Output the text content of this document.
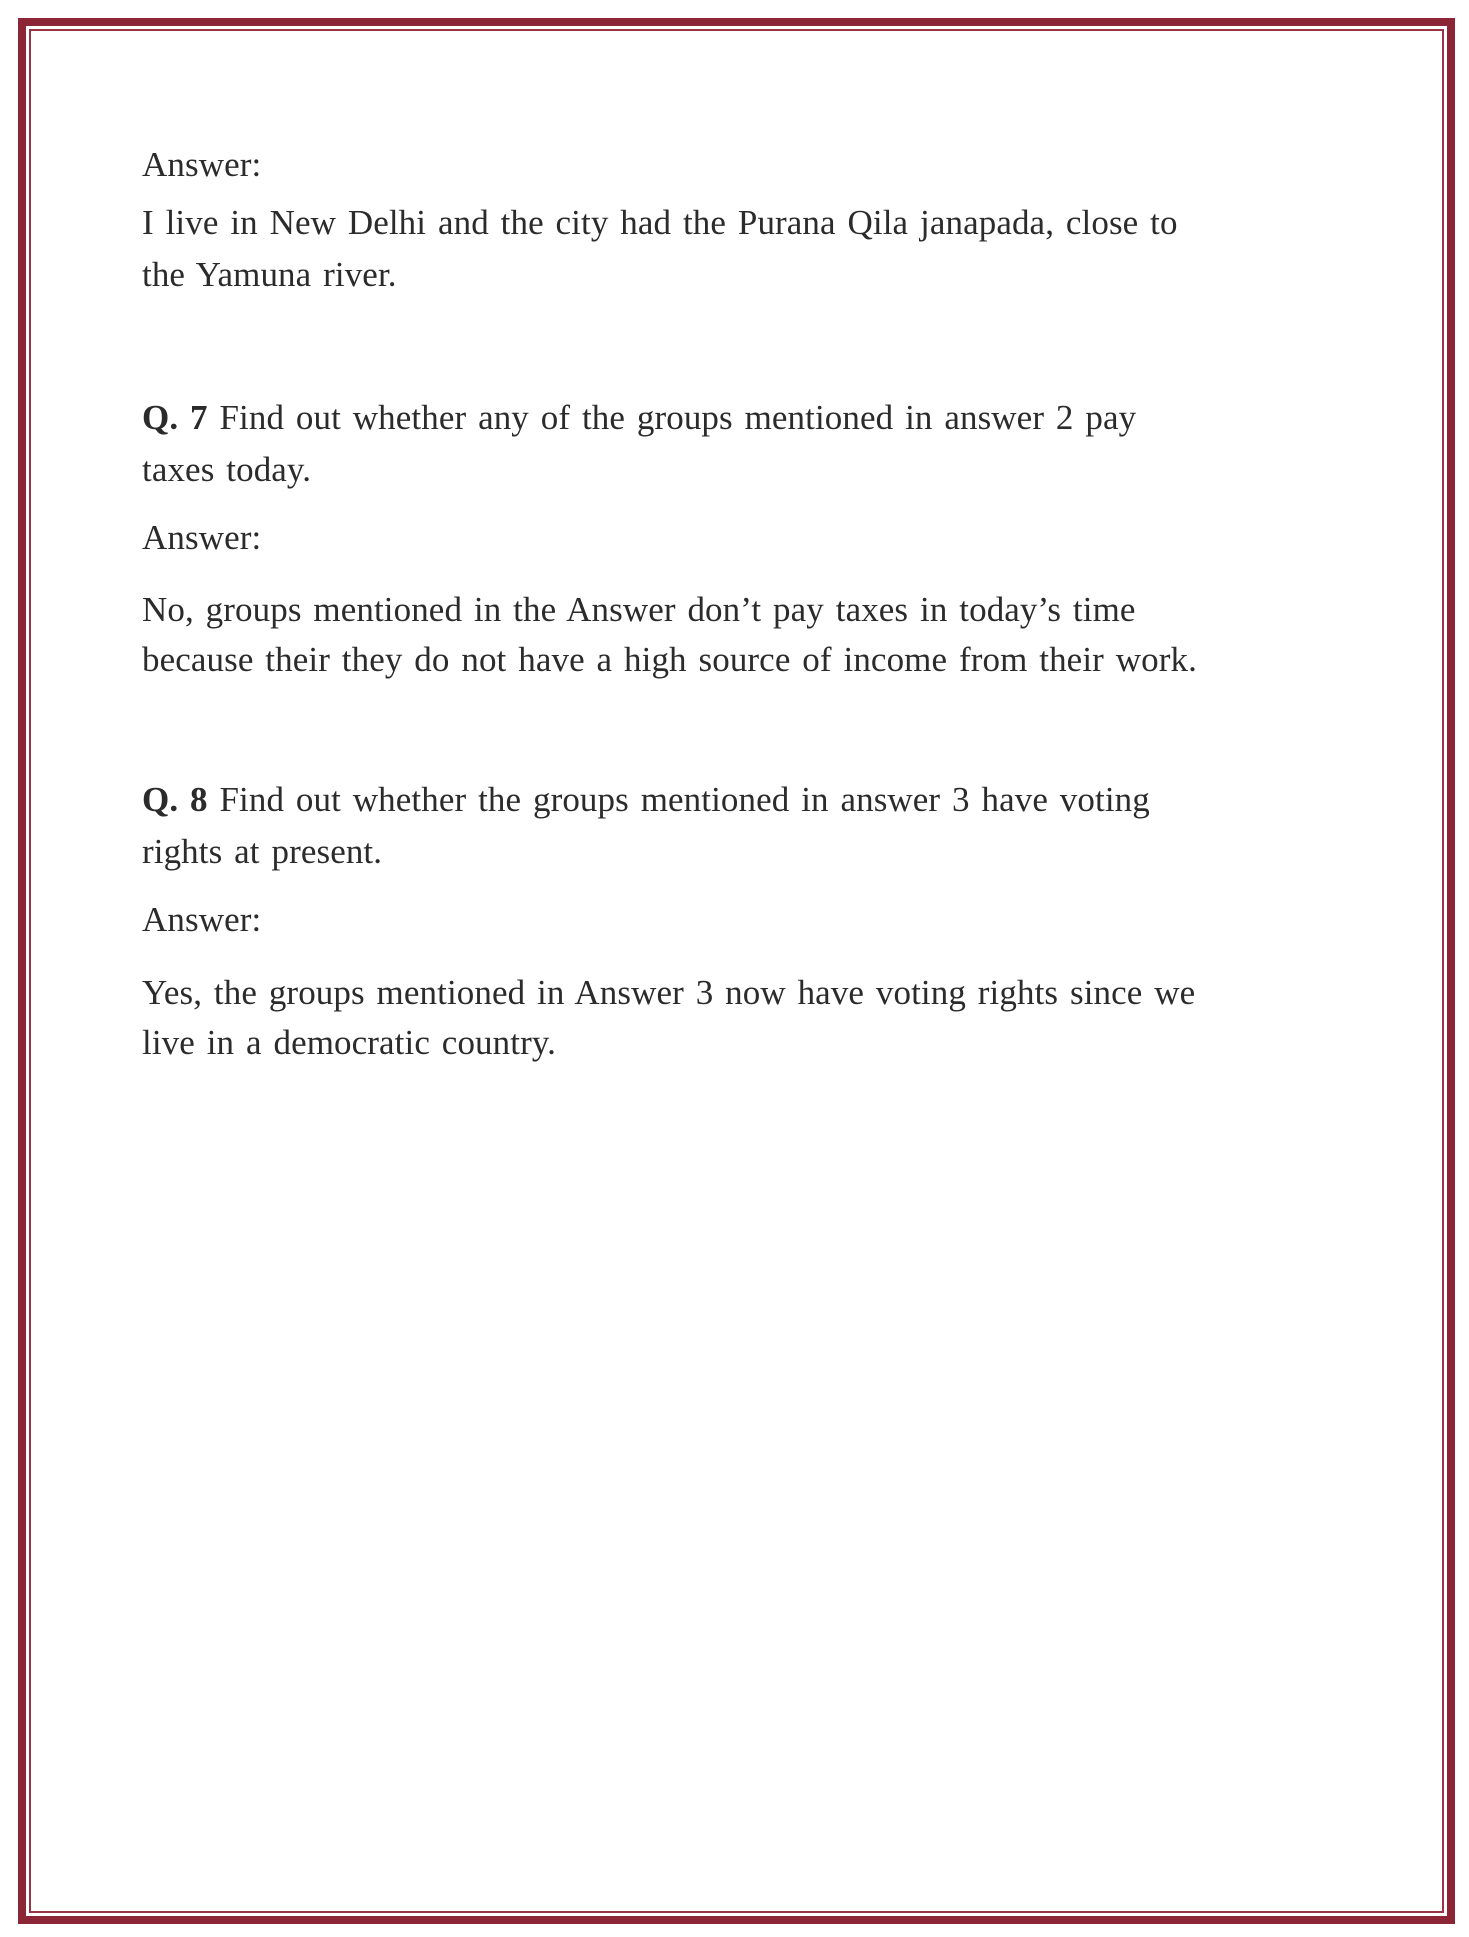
Answer:
I live in New Delhi and the city had the Purana Qila janapada, close to
the Yamuna river.
Q. 7 Find out whether any of the groups mentioned in answer 2 pay
taxes today.
Answer:
No, groups mentioned in the Answer don’t pay taxes in today’s time
because their they do not have a high source of income from their work.
Q. 8 Find out whether the groups mentioned in answer 3 have voting
rights at present.
Answer:
Yes, the groups mentioned in Answer 3 now have voting rights since we
live in a democratic country.
